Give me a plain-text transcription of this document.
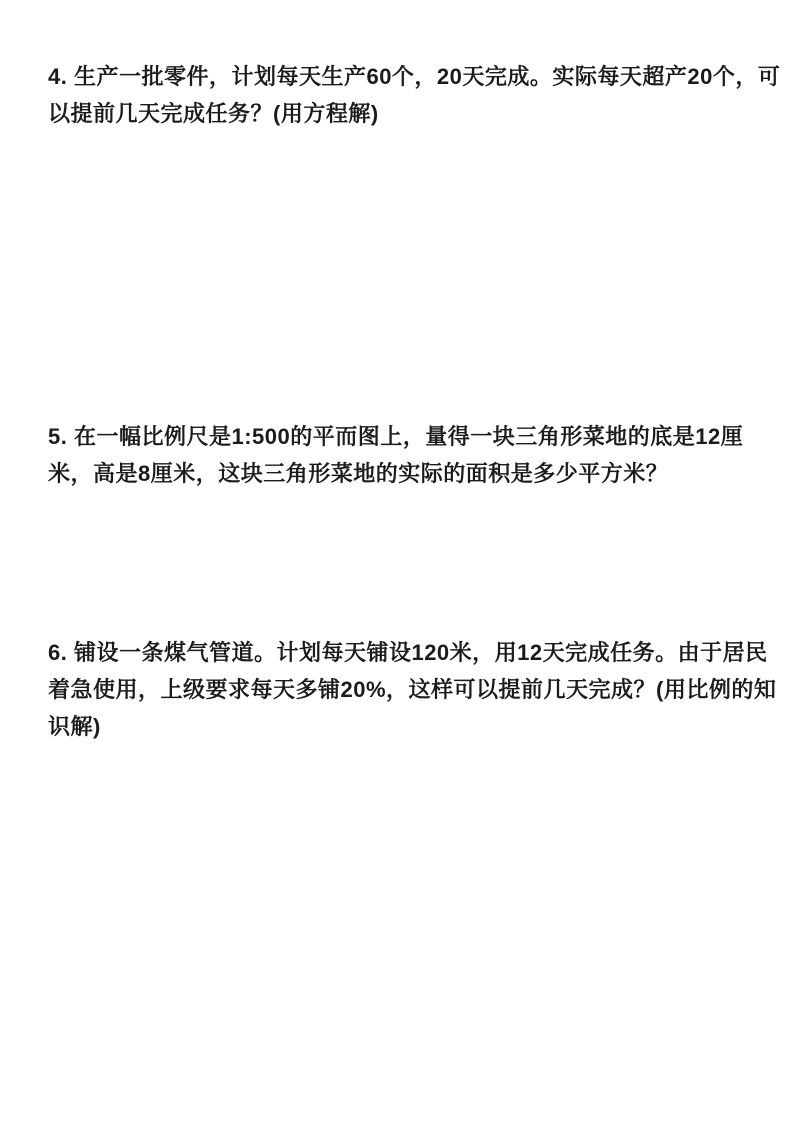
4. 生产一批零件，计划每天生产60个，20天完成。实际每天超产20个，可
以提前几天完成任务？(用方程解)
5. 在一幅比例尺是1:500的平而图上，量得一块三角形菜地的底是12厘
米，高是8厘米，这块三角形菜地的实际的面积是多少平方米？
6. 铺设一条煤气管道。计划每天铺设120米，用12天完成任务。由于居民
着急使用，上级要求每天多铺20%，这样可以提前几天完成？(用比例的知
识解)
